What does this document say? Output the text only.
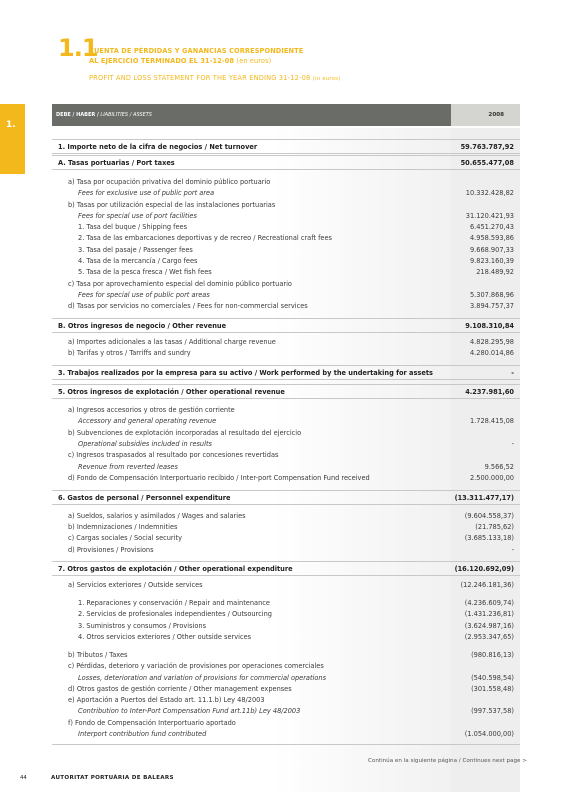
1.
1.1
CUENTA DE PÉRDIDAS Y GANANCIAS CORRESPONDIENTE
AL EJERCICIO TERMINADO EL 31-12-08 (en euros)
PROFIT AND LOSS STATEMENT FOR THE YEAR ENDING 31-12-08 (in euros)
DEBE / HABER / LIABILITIES / ASSETS	2008
1. Importe neto de la cifra de negocios / Net turnover	59.763.787,92
A. Tasas portuarias / Port taxes	50.655.477,08
a) Tasa por ocupación privativa del dominio público portuario
Fees for exclusive use of public port area	10.332.428,82
b) Tasas por utilización especial de las instalaciones portuarias
Fees for special use of port facilities	31.120.421,93
1. Tasa del buque / Shipping fees	6.451.270,43
2. Tasa de las embarcaciones deportivas y de recreo / Recreational craft fees	4.958.593,86
3. Tasa del pasaje / Passenger fees	9.668.907,33
4. Tasa de la mercancía / Cargo fees	9.823.160,39
5. Tasa de la pesca fresca / Wet fish fees	218.489,92
c) Tasa por aprovechamiento especial del dominio público portuario
Fees for special use of public port areas	5.307.868,96
d) Tasas por servicios no comerciales / Fees for non-commercial services	3.894.757,37
B. Otros ingresos de negocio / Other revenue	9.108.310,84
a) Importes adicionales a las tasas / Additional charge revenue	4.828.295,98
b) Tarifas y otros / Tarriffs and sundry	4.280.014,86
3. Trabajos realizados por la empresa para su activo / Work performed by the undertaking for assets	-
5. Otros ingresos de explotación / Other operational revenue	4.237.981,60
a) Ingresos accesorios y otros de gestión corriente
Accessory and general operating revenue	1.728.415,08
b) Subvenciones de explotación incorporadas al resultado del ejercicio
Operational subsidies included in results	-
c) Ingresos traspasados al resultado por concesiones revertidas
Revenue from reverted leases	9.566,52
d) Fondo de Compensación Interportuario recibido / Inter-port Compensation Fund received	2.500.000,00
6. Gastos de personal / Personnel expenditure	(13.311.477,17)
a) Sueldos, salarios y asimilados / Wages and salaries	(9.604.558,37)
b) Indemnizaciones / Indemnities	(21.785,62)
c) Cargas sociales / Social security	(3.685.133,18)
d) Provisiones / Provisions	-
7. Otros gastos de explotación / Other operational expenditure	(16.120.692,09)
a) Servicios exteriores / Outside services	(12.246.181,36)
1. Reparaciones y conservación / Repair and maintenance	(4.236.609,74)
2. Servicios de profesionales independientes / Outsourcing	(1.431.236,81)
3. Suministros y consumos / Provisions	(3.624.987,16)
4. Otros servicios exteriores / Other outside services	(2.953.347,65)
b) Tributos / Taxes	(980.816,13)
c) Pérdidas, deterioro y variación de provisiones por operaciones comerciales
Losses, deterioration and variation of provisions for commercial operations	(540.598,54)
d) Otros gastos de gestión corriente / Other management expenses	(301.558,48)
e) Aportación a Puertos del Estado art. 11.1.b) Ley 48/2003
Contribution to Inter-Port Compensation Fund art.11b) Ley 48/2003	(997.537,58)
f) Fondo de Compensación Interportuario aportado
Interport contribution fund contributed	(1.054.000,00)
Continúa en la siguiente página / Continues next page >
44	AUTORITAT PORTUÀRIA DE BALEARS
